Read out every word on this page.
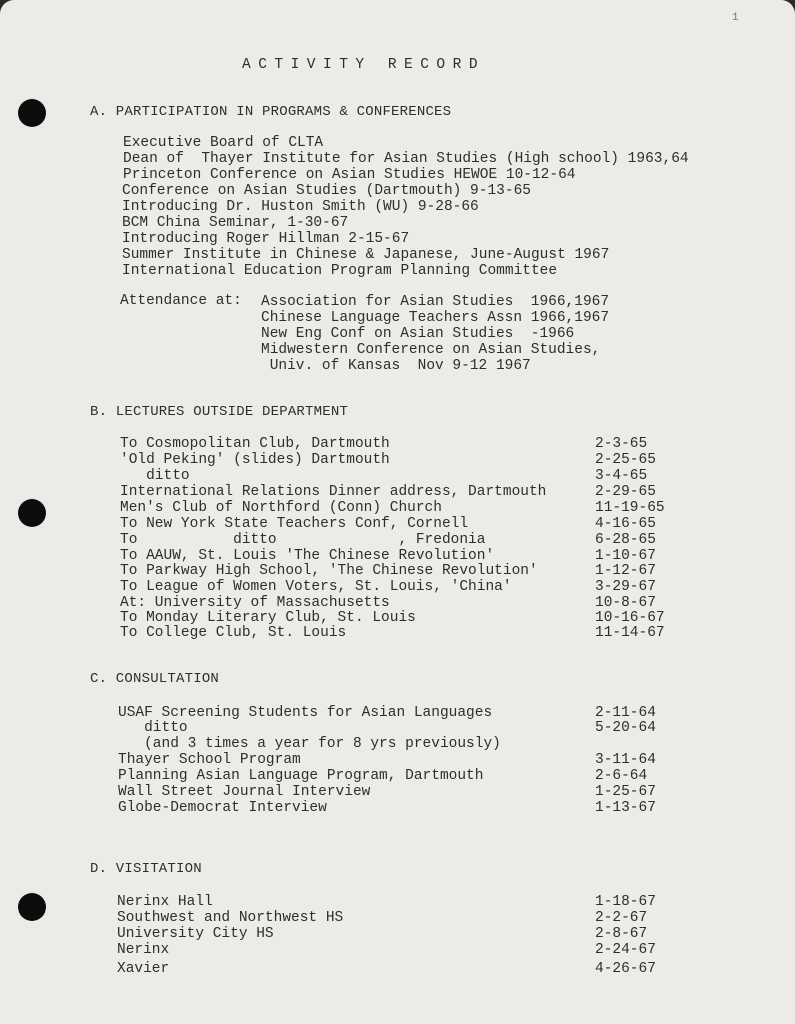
1
ACTIVITY RECORD
A. PARTICIPATION IN PROGRAMS & CONFERENCES
Executive Board of CLTA
Dean of  Thayer Institute for Asian Studies (High school) 1963,64
Princeton Conference on Asian Studies HEWOE 10-12-64
Conference on Asian Studies (Dartmouth) 9-13-65
Introducing Dr. Huston Smith (WU) 9-28-66
BCM China Seminar, 1-30-67
Introducing Roger Hillman 2-15-67
Summer Institute in Chinese & Japanese, June-August 1967
International Education Program Planning Committee
Attendance at: Association for Asian Studies  1966,1967
Chinese Language Teachers Assn 1966,1967
New Eng Conf on Asian Studies  -1966
Midwestern Conference on Asian Studies,
Univ. of Kansas  Nov 9-12 1967
B. LECTURES OUTSIDE DEPARTMENT
To Cosmopolitan Club, Dartmouth	2-3-65
'Old Peking' (slides) Dartmouth	2-25-65
ditto	3-4-65
International Relations Dinner address, Dartmouth	2-29-65
Men's Club of Northford (Conn) Church	11-19-65
To New York State Teachers Conf, Cornell	4-16-65
To           ditto              , Fredonia	6-28-65
To AAUW, St. Louis 'The Chinese Revolution'	1-10-67
To Parkway High School, 'The Chinese Revolution'	1-12-67
To League of Women Voters, St. Louis, 'China'	3-29-67
At: University of Massachusetts	10-8-67
To Monday Literary Club, St. Louis	10-16-67
To College Club, St. Louis	11-14-67
C. CONSULTATION
USAF Screening Students for Asian Languages	2-11-64
ditto	5-20-64
(and 3 times a year for 8 yrs previously)
Thayer School Program	3-11-64
Planning Asian Language Program, Dartmouth	2-6-64
Wall Street Journal Interview	1-25-67
Globe-Democrat Interview	1-13-67
D. VISITATION
Nerinx Hall	1-18-67
Southwest and Northwest HS	2-2-67
University City HS	2-8-67
Nerinx	2-24-67
Xavier	4-26-67
